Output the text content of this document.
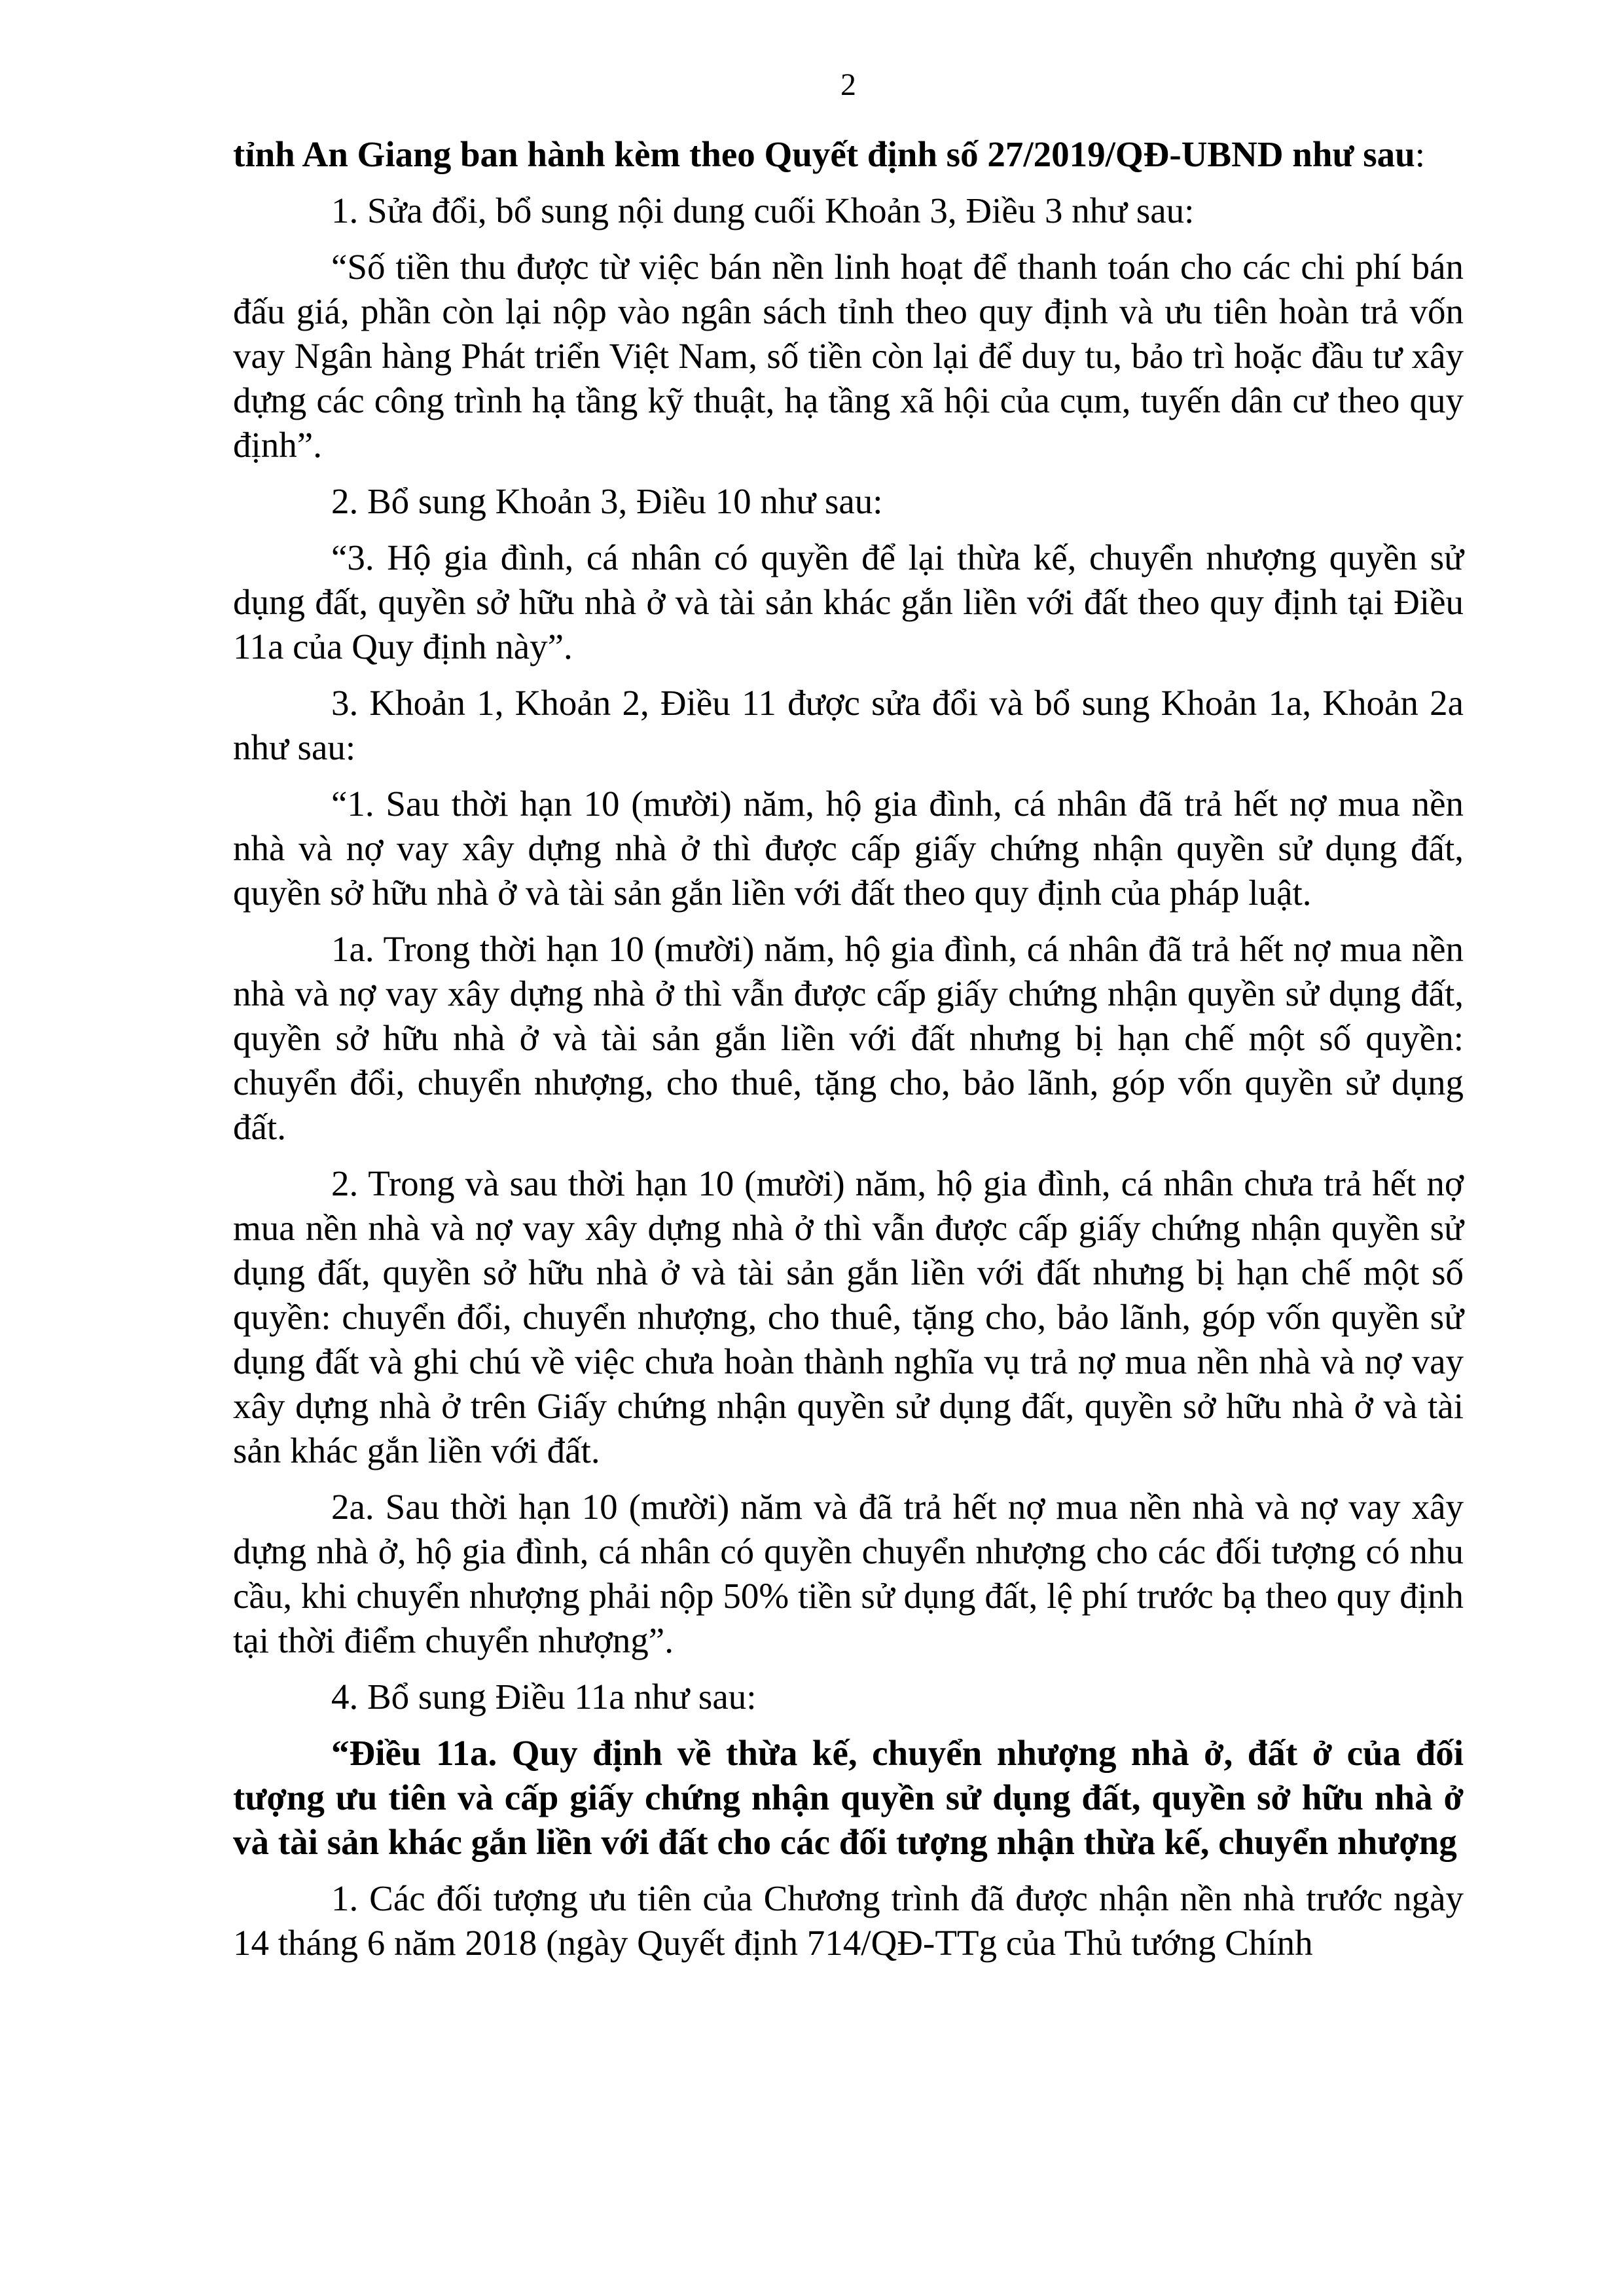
2

tỉnh An Giang ban hành kèm theo Quyết định số 27/2019/QĐ-UBND như sau:

1. Sửa đổi, bổ sung nội dung cuối Khoản 3, Điều 3 như sau:

“Số tiền thu được từ việc bán nền linh hoạt để thanh toán cho các chi phí bán đấu giá, phần còn lại nộp vào ngân sách tỉnh theo quy định và ưu tiên hoàn trả vốn vay Ngân hàng Phát triển Việt Nam, số tiền còn lại để duy tu, bảo trì hoặc đầu tư xây dựng các công trình hạ tầng kỹ thuật, hạ tầng xã hội của cụm, tuyến dân cư theo quy định”.

2. Bổ sung Khoản 3, Điều 10 như sau:

“3. Hộ gia đình, cá nhân có quyền để lại thừa kế, chuyển nhượng quyền sử dụng đất, quyền sở hữu nhà ở và tài sản khác gắn liền với đất theo quy định tại Điều 11a của Quy định này”.

3. Khoản 1, Khoản 2, Điều 11 được sửa đổi và bổ sung Khoản 1a, Khoản 2a như sau:

“1. Sau thời hạn 10 (mười) năm, hộ gia đình, cá nhân đã trả hết nợ mua nền nhà và nợ vay xây dựng nhà ở thì được cấp giấy chứng nhận quyền sử dụng đất, quyền sở hữu nhà ở và tài sản gắn liền với đất theo quy định của pháp luật.

1a. Trong thời hạn 10 (mười) năm, hộ gia đình, cá nhân đã trả hết nợ mua nền nhà và nợ vay xây dựng nhà ở thì vẫn được cấp giấy chứng nhận quyền sử dụng đất, quyền sở hữu nhà ở và tài sản gắn liền với đất nhưng bị hạn chế một số quyền: chuyển đổi, chuyển nhượng, cho thuê, tặng cho, bảo lãnh, góp vốn quyền sử dụng đất.

2. Trong và sau thời hạn 10 (mười) năm, hộ gia đình, cá nhân chưa trả hết nợ mua nền nhà và nợ vay xây dựng nhà ở thì vẫn được cấp giấy chứng nhận quyền sử dụng đất, quyền sở hữu nhà ở và tài sản gắn liền với đất nhưng bị hạn chế một số quyền: chuyển đổi, chuyển nhượng, cho thuê, tặng cho, bảo lãnh, góp vốn quyền sử dụng đất và ghi chú về việc chưa hoàn thành nghĩa vụ trả nợ mua nền nhà và nợ vay xây dựng nhà ở trên Giấy chứng nhận quyền sử dụng đất, quyền sở hữu nhà ở và tài sản khác gắn liền với đất.

2a. Sau thời hạn 10 (mười) năm và đã trả hết nợ mua nền nhà và nợ vay xây dựng nhà ở, hộ gia đình, cá nhân có quyền chuyển nhượng cho các đối tượng có nhu cầu, khi chuyển nhượng phải nộp 50% tiền sử dụng đất, lệ phí trước bạ theo quy định tại thời điểm chuyển nhượng”.

4. Bổ sung Điều 11a như sau:

“Điều 11a. Quy định về thừa kế, chuyển nhượng nhà ở, đất ở của đối tượng ưu tiên và cấp giấy chứng nhận quyền sử dụng đất, quyền sở hữu nhà ở và tài sản khác gắn liền với đất cho các đối tượng nhận thừa kế, chuyển nhượng

1. Các đối tượng ưu tiên của Chương trình đã được nhận nền nhà trước ngày 14 tháng 6 năm 2018 (ngày Quyết định 714/QĐ-TTg của Thủ tướng Chính
